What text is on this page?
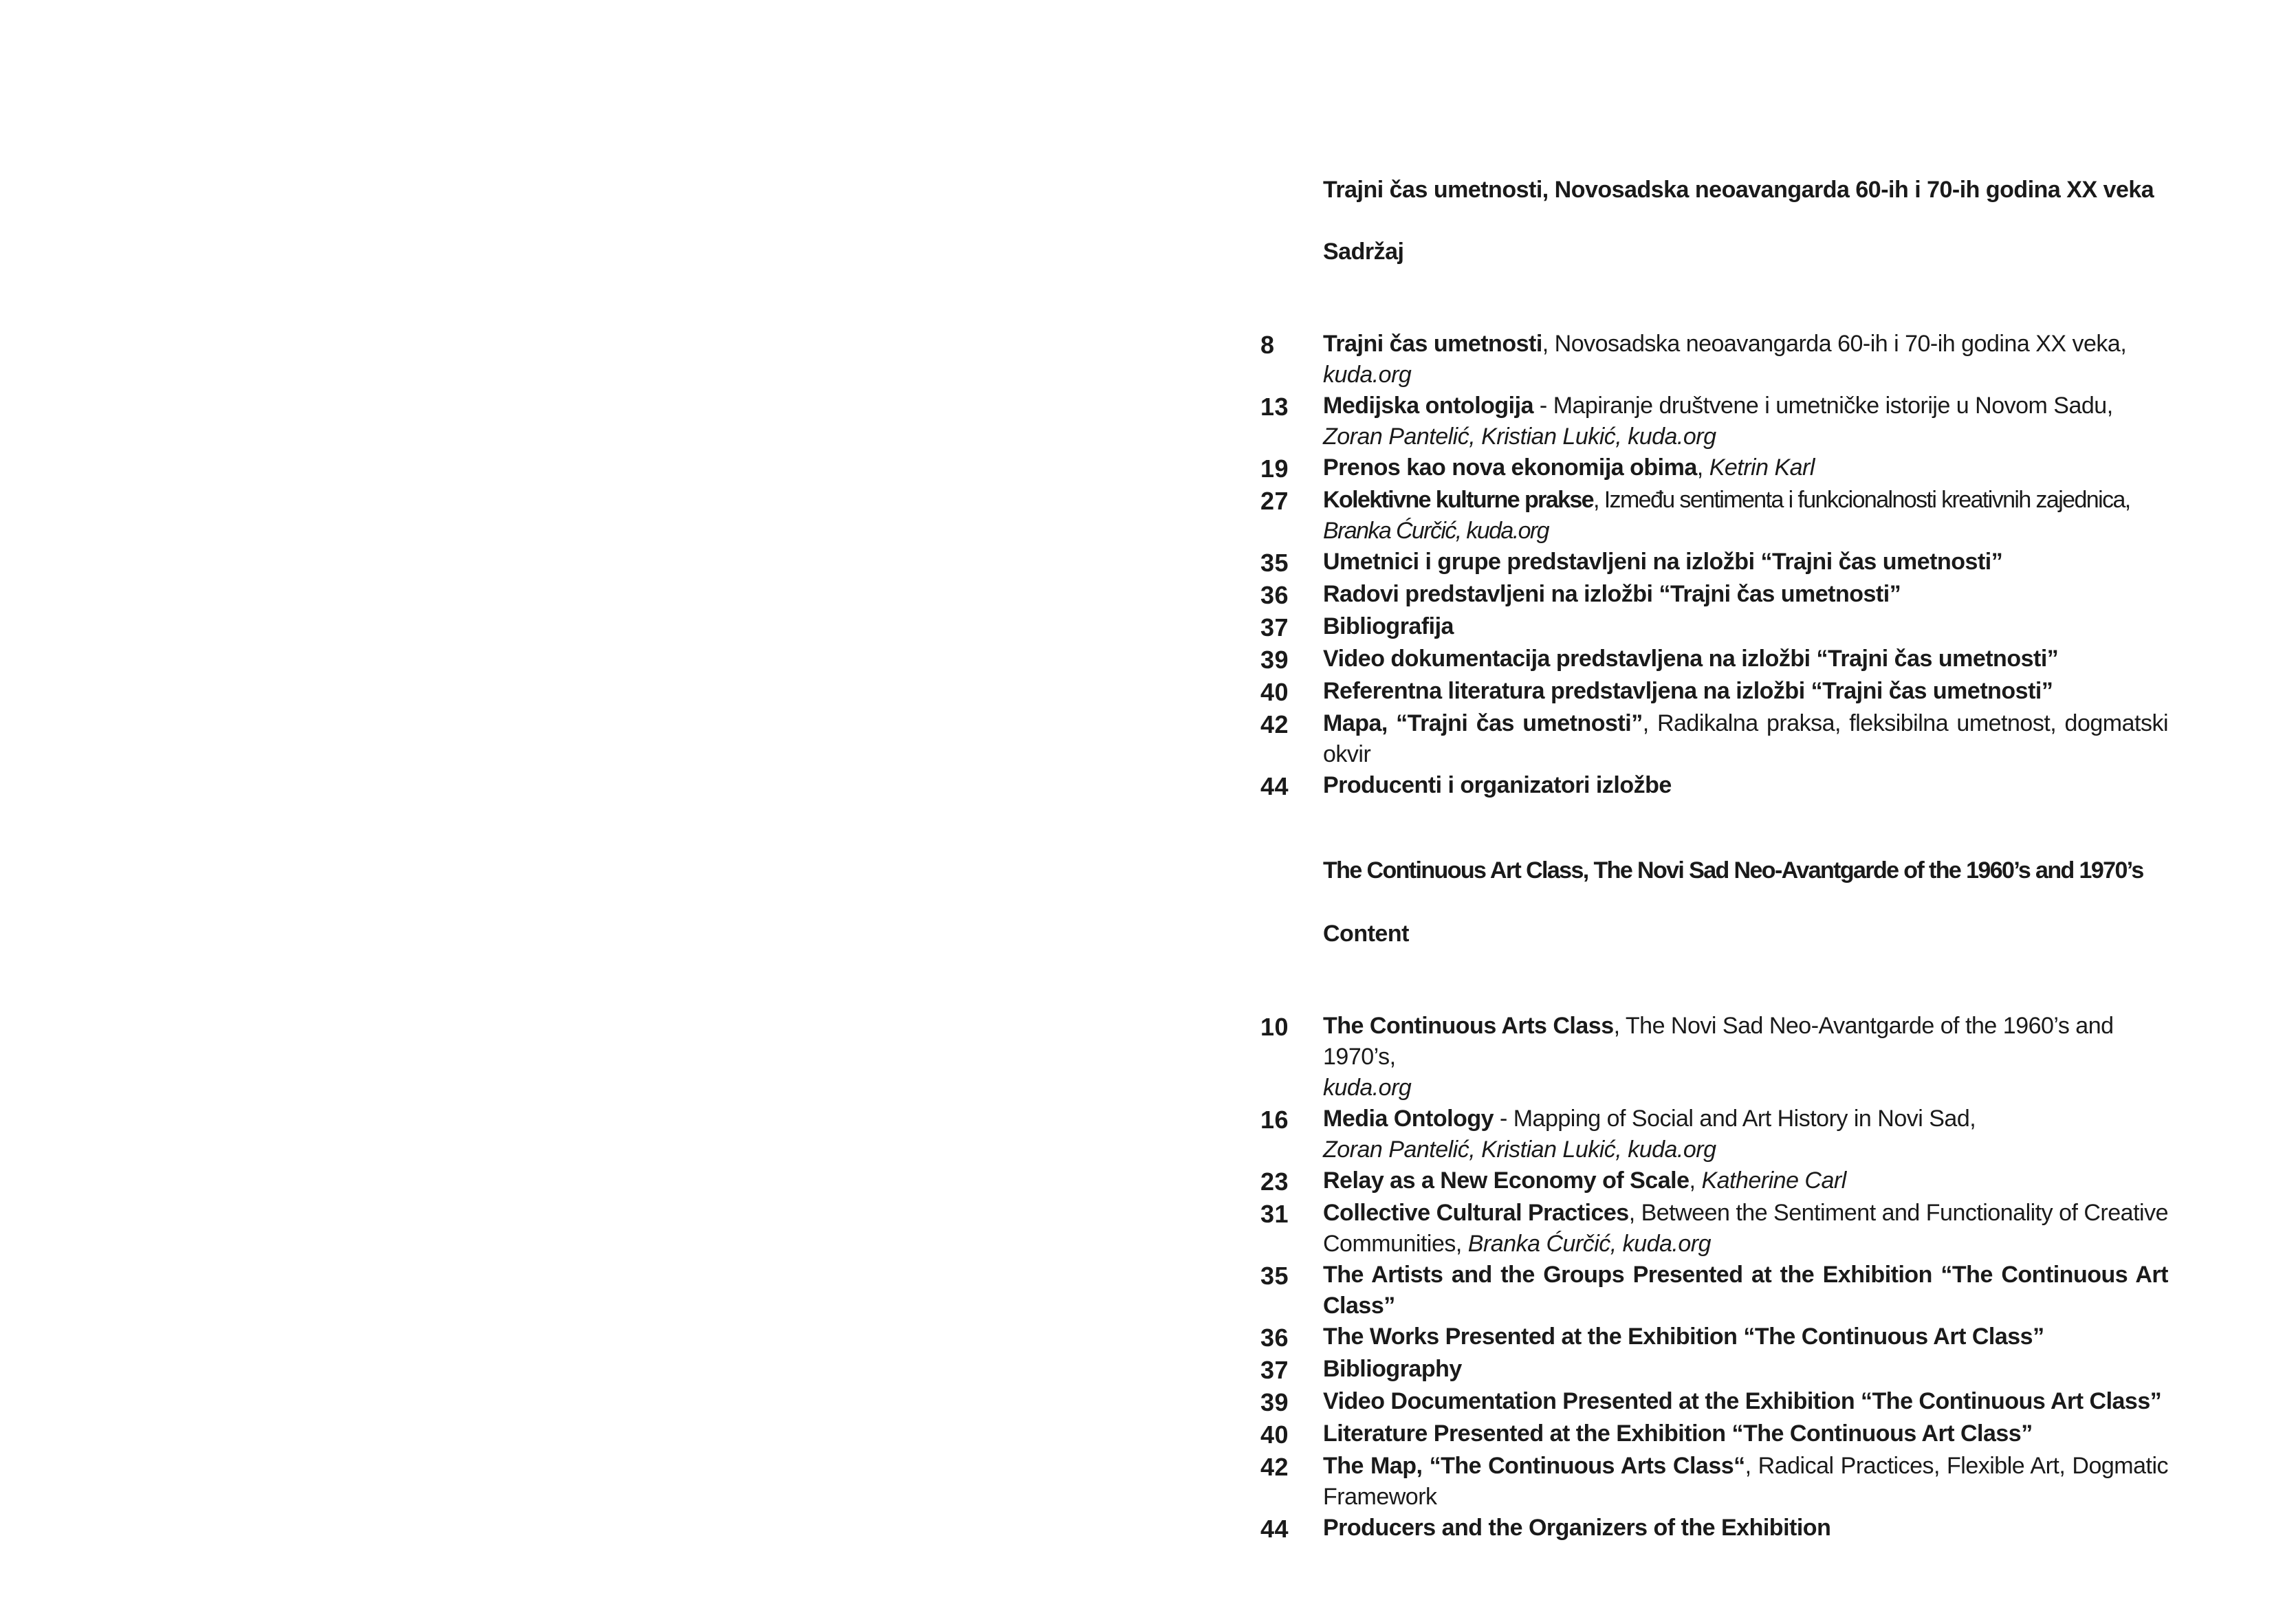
Trajni čas umetnosti, Novosadska neoavangarda 60-ih i 70-ih godina XX veka
Sadržaj
8	Trajni čas umetnosti, Novosadska neoavangarda 60-ih i 70-ih godina XX veka,
kuda.org
13	Medijska ontologija - Mapiranje društvene i umetničke istorije u Novom Sadu,
Zoran Pantelić, Kristian Lukić, kuda.org
19	Prenos kao nova ekonomija obima, Ketrin Karl
27	Kolektivne kulturne prakse, Između sentimenta i funkcionalnosti kreativnih zajednica,
Branka Ćurčić, kuda.org
35	Umetnici i grupe predstavljeni na izložbi “Trajni čas umetnosti”
36	Radovi predstavljeni na izložbi “Trajni čas umetnosti”
37	Bibliografija
39	Video dokumentacija predstavljena na izložbi “Trajni čas umetnosti”
40	Referentna literatura predstavljena na izložbi “Trajni čas umetnosti”
42	Mapa, “Trajni čas umetnosti”, Radikalna praksa, fleksibilna umetnost, dogmatski okvir
44	Producenti i organizatori izložbe
The Continuous Art Class, The Novi Sad Neo-Avantgarde of the 1960’s and 1970’s
Content
10	The Continuous Arts Class, The Novi Sad Neo-Avantgarde of the 1960’s and 1970’s,
kuda.org
16	Media Ontology - Mapping of Social and Art History in Novi Sad,
Zoran Pantelić, Kristian Lukić, kuda.org
23	Relay as a New Economy of Scale, Katherine Carl
31	Collective Cultural Practices, Between the Sentiment and Functionality of Creative Communities, Branka Ćurčić, kuda.org
35	The Artists and the Groups Presented at the Exhibition “The Continuous Art Class”
36	The Works Presented at the Exhibition “The Continuous Art Class”
37	Bibliography
39	Video Documentation Presented at the Exhibition “The Continuous Art Class”
40	Literature Presented at the Exhibition “The Continuous Art Class”
42	The Map, “The Continuous Arts Class“, Radical Practices, Flexible Art, Dogmatic Framework
44	Producers and the Organizers of the Exhibition
